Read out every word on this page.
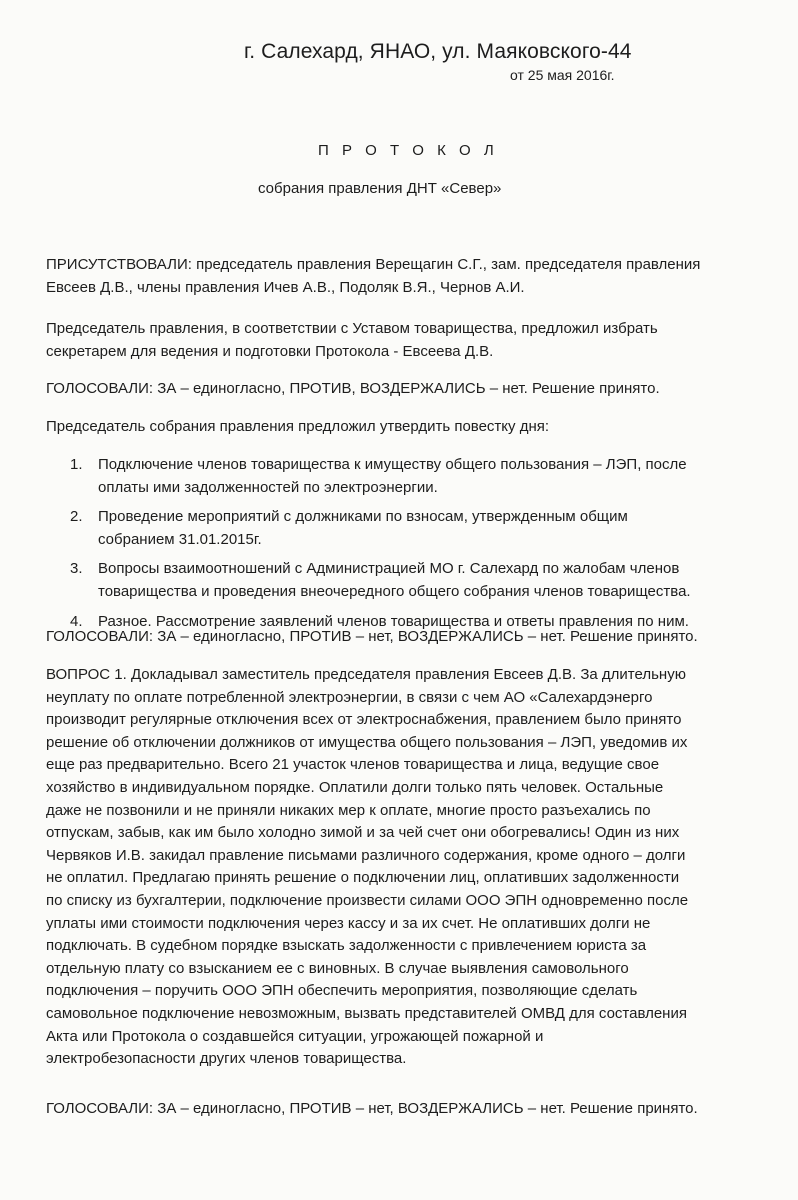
г. Салехард, ЯНАО, ул. Маяковского-44
от 25 мая 2016г.
П Р О Т О К О Л
собрания правления ДНТ «Север»
ПРИСУТСТВОВАЛИ: председатель правления Верещагин С.Г., зам. председателя правления
Евсеев Д.В., члены правления Ичев А.В., Подоляк В.Я., Чернов А.И.
Председатель правления, в соответствии с Уставом товарищества, предложил избрать
секретарем для ведения и подготовки Протокола - Евсеева Д.В.
ГОЛОСОВАЛИ: ЗА – единогласно, ПРОТИВ, ВОЗДЕРЖАЛИСЬ – нет. Решение принято.
Председатель собрания правления предложил утвердить повестку дня:
1. Подключение членов товарищества к имуществу общего пользования – ЛЭП, после
оплаты ими задолженностей по электроэнергии.
2. Проведение мероприятий с должниками по взносам, утвержденным общим
собранием 31.01.2015г.
3. Вопросы взаимоотношений с Администрацией МО г. Салехард по жалобам членов
товарищества и проведения внеочередного общего собрания членов товарищества.
4. Разное. Рассмотрение заявлений членов товарищества и ответы правления по ним.
ГОЛОСОВАЛИ: ЗА – единогласно, ПРОТИВ – нет, ВОЗДЕРЖАЛИСЬ – нет. Решение принято.
ВОПРОС 1. Докладывал заместитель председателя правления Евсеев Д.В. За длительную
неуплату по оплате потребленной электроэнергии, в связи с чем АО «Салехардэнерго
производит регулярные отключения всех от электроснабжения, правлением было принято
решение об отключении должников от имущества общего пользования – ЛЭП, уведомив их
еще раз предварительно. Всего 21 участок членов товарищества и лица, ведущие свое
хозяйство в индивидуальном порядке. Оплатили долги только пять человек. Остальные
даже не позвонили и не приняли никаких мер к оплате, многие просто разъехались по
отпускам, забыв, как им было холодно зимой и за чей счет они обогревались! Один из них
Червяков И.В. закидал правление письмами различного содержания, кроме одного – долги
не оплатил. Предлагаю принять решение о подключении лиц, оплативших задолженности
по списку из бухгалтерии, подключение произвести силами ООО ЭПН одновременно после
уплаты ими стоимости подключения через кассу и за их счет. Не оплативших долги не
подключать. В судебном порядке взыскать задолженности с привлечением юриста за
отдельную плату со взысканием ее с виновных. В случае выявления самовольного
подключения – поручить ООО ЭПН обеспечить мероприятия, позволяющие сделать
самовольное подключение невозможным, вызвать представителей ОМВД для составления
Акта или Протокола о создавшейся ситуации, угрожающей пожарной и
электробезопасности других членов товарищества.
ГОЛОСОВАЛИ: ЗА – единогласно, ПРОТИВ – нет, ВОЗДЕРЖАЛИСЬ – нет. Решение принято.
